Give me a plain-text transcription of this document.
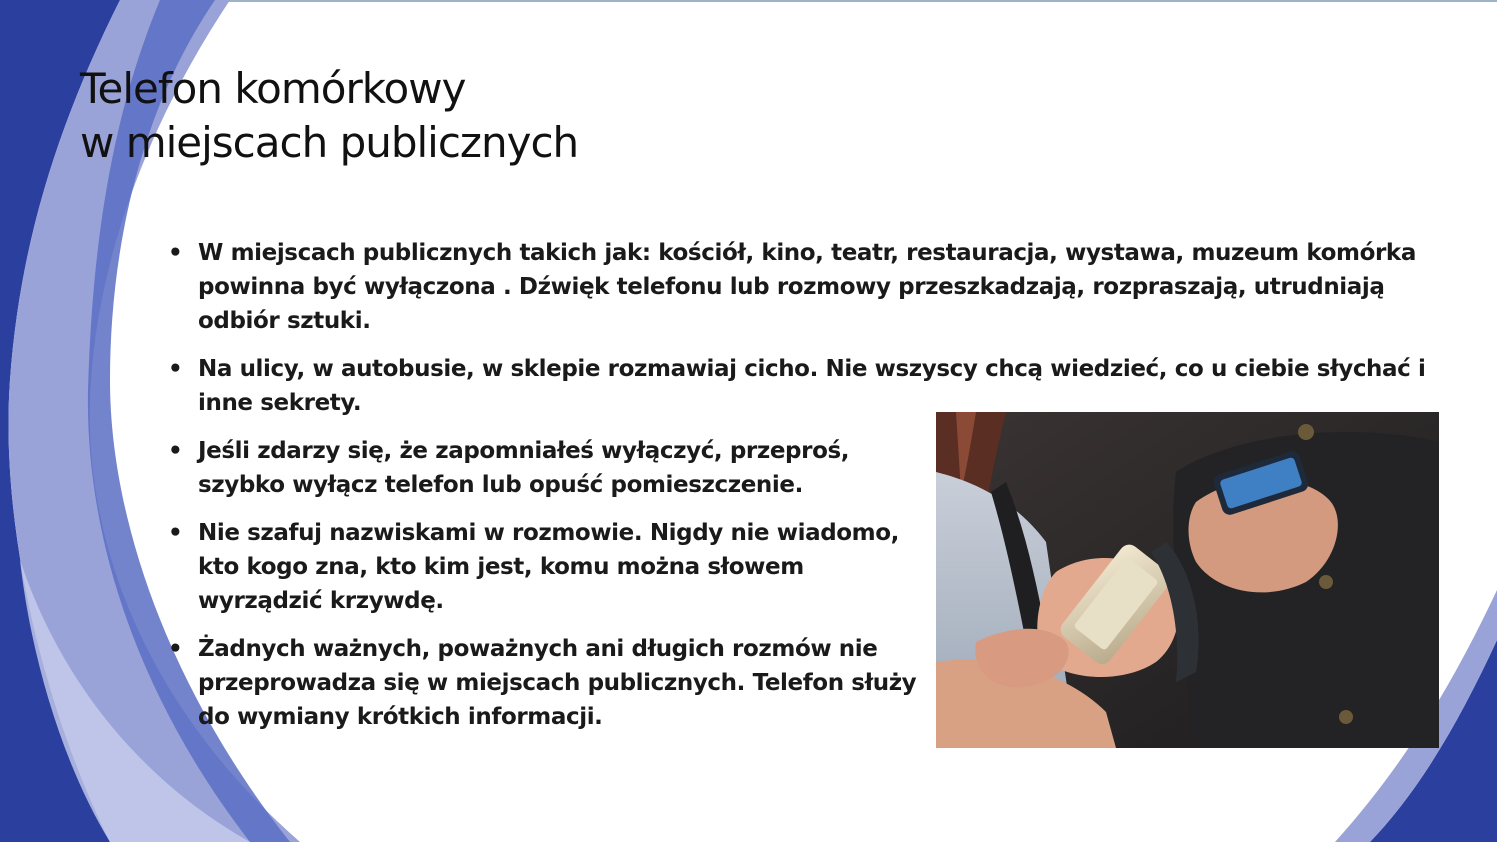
Telefon komórkowy
w miejscach publicznych
• W miejscach publicznych takich jak: kościół, kino, teatr, restauracja, wystawa, muzeum komórka powinna być wyłączona . Dźwięk telefonu lub rozmowy przeszkadzają, rozpraszają, utrudniają odbiór sztuki.
• Na ulicy, w autobusie, w sklepie rozmawiaj cicho. Nie wszyscy chcą wiedzieć, co u ciebie słychać i inne sekrety.
• Jeśli zdarzy się, że zapomniałeś wyłączyć, przeproś, szybko wyłącz telefon lub opuść pomieszczenie.
• Nie szafuj nazwiskami w rozmowie. Nigdy nie wiadomo, kto kogo zna, kto kim jest, komu można słowem wyrządzić krzywdę.
• Żadnych ważnych, poważnych ani długich rozmów nie przeprowadza się w miejscach publicznych. Telefon służy do wymiany krótkich informacji.
